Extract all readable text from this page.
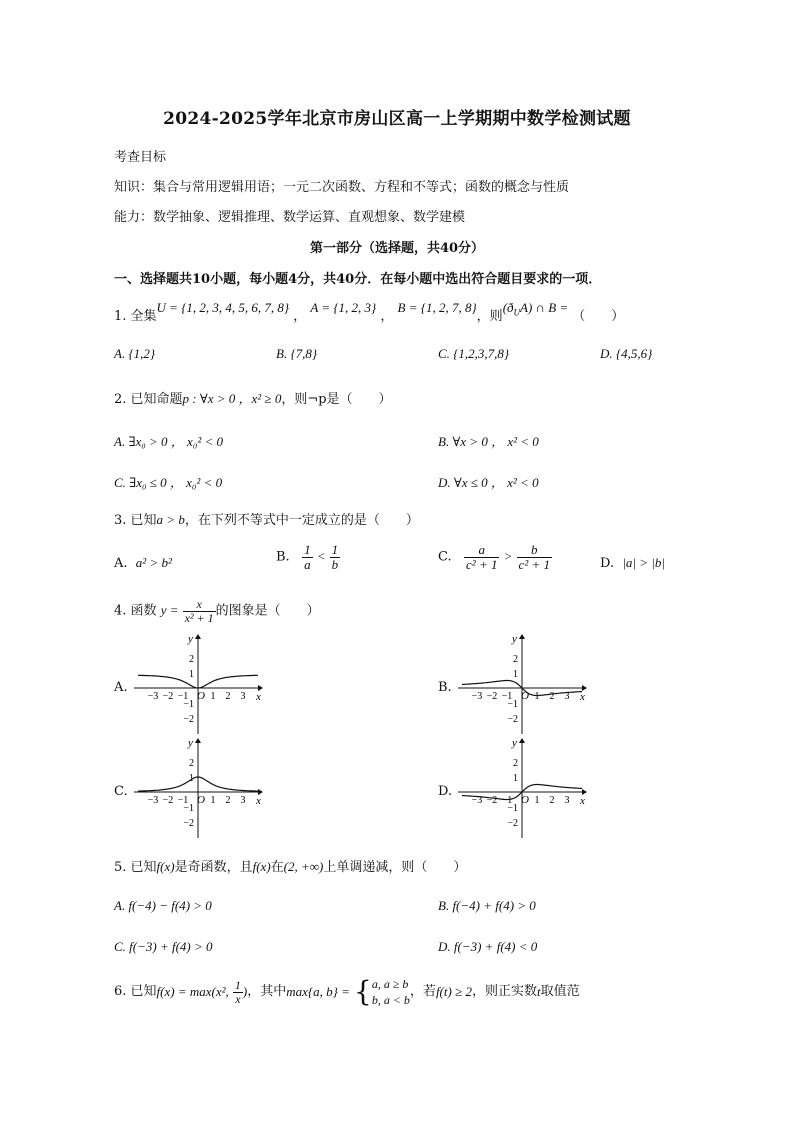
2024-2025学年北京市房山区高一上学期期中数学检测试题
考查目标
知识：集合与常用逻辑用语；一元二次函数、方程和不等式；函数的概念与性质
能力：数学抽象、逻辑推理、数学运算、直观想象、数学建模
第一部分（选择题，共40分）
一、选择题共10小题，每小题4分，共40分．在每小题中选出符合题目要求的一项．
1. 全集U = {1, 2, 3, 4, 5, 6, 7, 8} ， A = {1, 2, 3} ， B = {1, 2, 7, 8}，则$(ð_UA)$ ∩ B = （　　）
A. {1,2}	B. {7,8}	C. {1,2,3,7,8}	D. {4,5,6}
2. 已知命题p : ∀x > 0 ，x² ≥ 0，则¬p是（　　）
A. ∃x₀ > 0 ， x₀² < 0	B. ∀x > 0 ， x² < 0
C. ∃x₀ ≤ 0 ， x₀² < 0	D. ∀x ≤ 0 ， x² < 0
3. 已知a > b，在下列不等式中一定成立的是（　　）
A. a² > b²	B. $\frac{1}{a} < \frac{1}{b}$	C. $\frac{a}{\text{c² + 1}} > \frac{b}{\text{c² + 1}}$	D. |a| > |b|
4. 函数 $y = \frac{x}{\text{x² + 1}}$ 的图象是（　　）
A.	B.
C.	D.
x
y
O
−3 −2 −1 1 2 3
2
1
−1
−2
x
y
O
−3 −2 −1 1 2 3
2
1
−1
−2
x
y
O
−3 −2 −1 1 2 3
2
1
−1
−2
x
y
O
−3 −2 −1 1 2 3
2
1
−1
−2
5. 已知f(x)是奇函数，且f(x)在(2, +∞)上单调递减，则（　　）
A. f(−4) − f(4) > 0	B. f(−4) + f(4) > 0
C. f(−3) + f(4) > 0	D. f(−3) + f(4) < 0
6. 已知f(x) = max(x², $\frac{1}{x}$ )，其中max{a, b} = { a, a ≥ b
b, a < b
，若f(t) ≥ 2，则正实数t取值范
